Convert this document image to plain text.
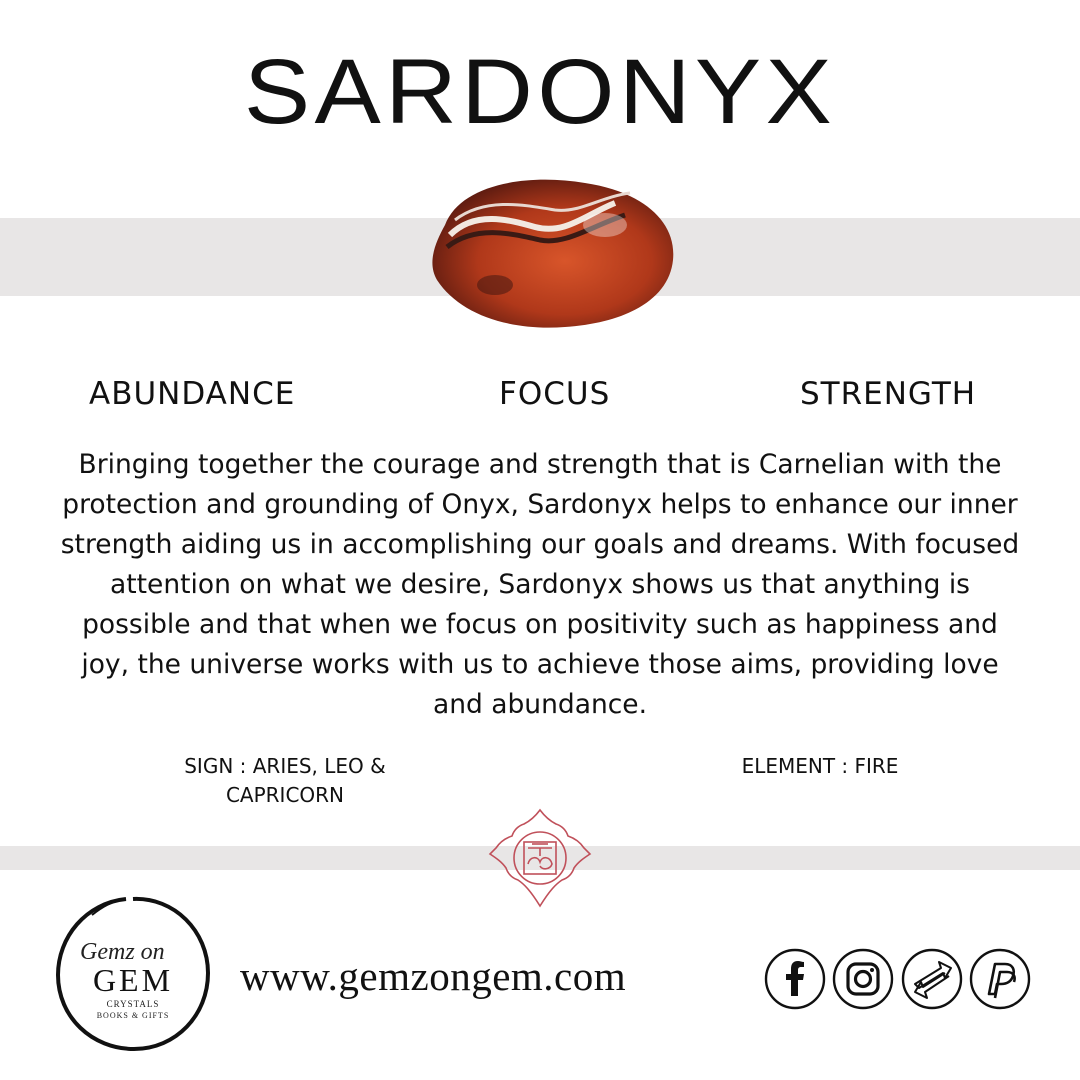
SARDONYX
ABUNDANCE	FOCUS	STRENGTH

Bringing together the courage and strength that is Carnelian with the protection and grounding of Onyx, Sardonyx helps to enhance our inner strength aiding us in accomplishing our goals and dreams. With focused attention on what we desire, Sardonyx shows us that anything is possible and that when we focus on positivity such as happiness and joy, the universe works with us to achieve those aims, providing love and abundance.

SIGN : ARIES, LEO &
CAPRICORN
ELEMENT : FIRE
Gemz on
GEM
CRYSTALS
BOOKS & GIFTS
www.gemzongem.com
